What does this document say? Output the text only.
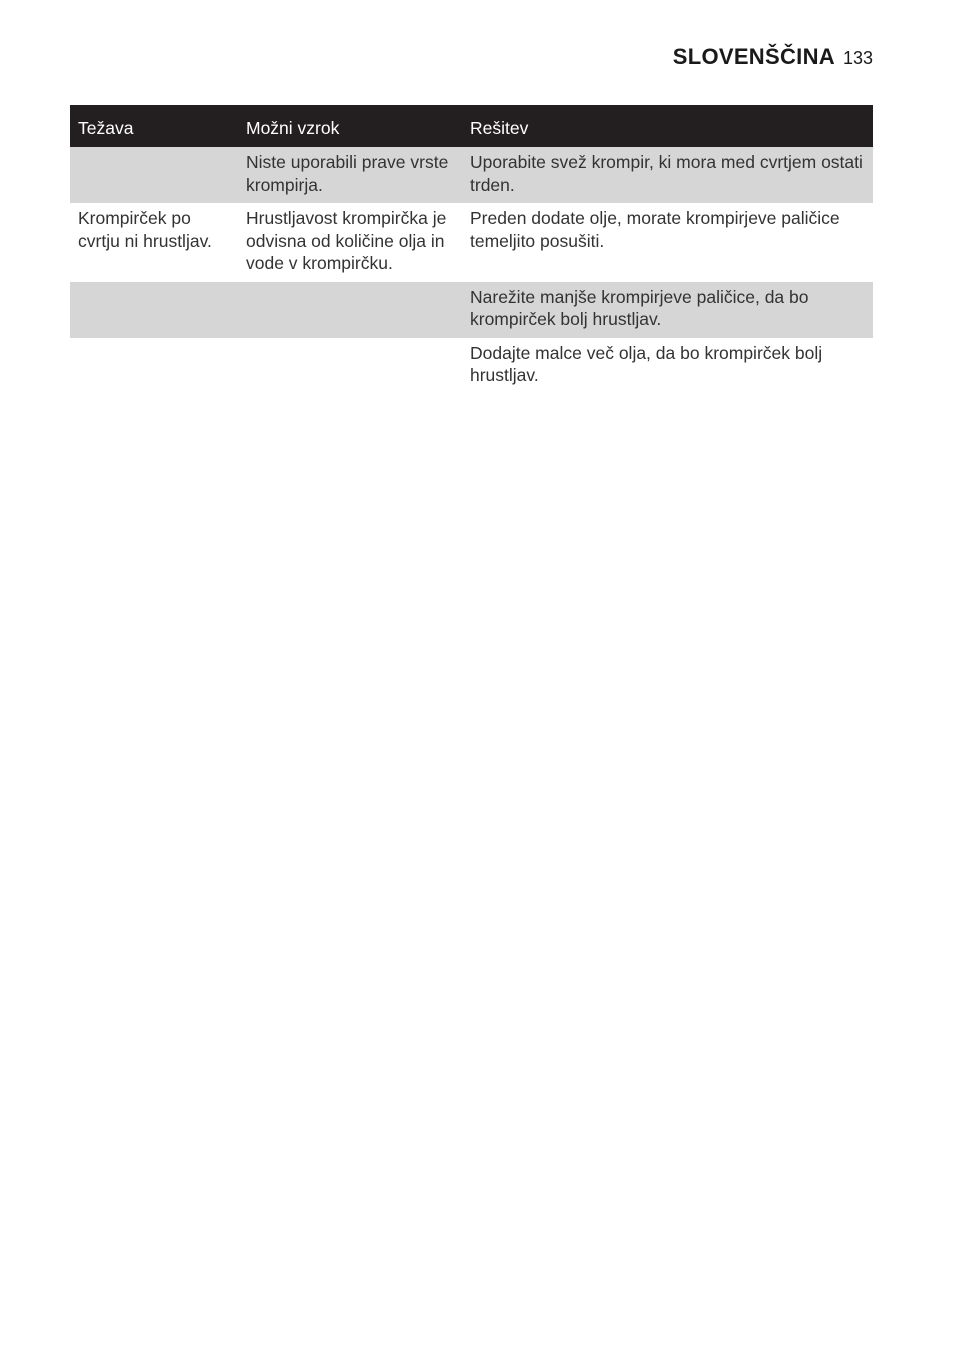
SLOVENŠČINA 133
Težava	Možni vzrok	Rešitev
	Niste uporabili prave vrste krompirja.	Uporabite svež krompir, ki mora med cvrtjem ostati trden.
Krompirček po cvrtju ni hrustljav.	Hrustljavost krompirčka je odvisna od količine olja in vode v krompirčku.	Preden dodate olje, morate krompirjeve paličice temeljito posušiti.
		Narežite manjše krompirjeve paličice, da bo krompirček bolj hrustljav.
		Dodajte malce več olja, da bo krompirček bolj hrustljav.
